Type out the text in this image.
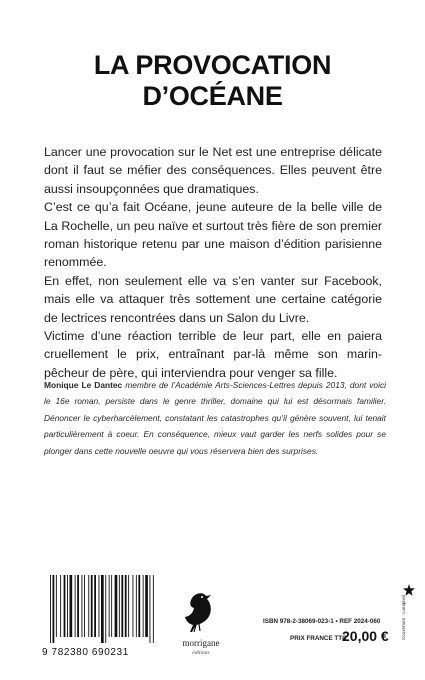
LA PROVOCATION
D’OCÉANE

Lancer une provocation sur le Net est une entreprise délicate dont il faut se méfier des conséquences. Elles peuvent être aussi insoupçonnées que dramatiques.

C’est ce qu’a fait Océane, jeune auteure de la belle ville de La Rochelle, un peu naïve et surtout très fière de son premier roman historique retenu par une maison d’édition parisienne renommée.

En effet, non seulement elle va s’en vanter sur Facebook, mais elle va attaquer très sottement une certaine catégorie de lectrices rencontrées dans un Salon du Livre.

Victime d’une réaction terrible de leur part, elle en paiera cruellement le prix, entraînant par-là même son marin-pêcheur de père, qui interviendra pour venger sa fille.

Monique Le Dantec membre de l’Académie Arts-Sciences-Lettres depuis 2013, dont voici le 16e roman, persiste dans le genre thriller, domaine qui lui est désormais familier. Dénoncer le cyberharcèlement, constatant les catastrophes qu’il génère souvent, lui tenait particulièrement à coeur. En conséquence, mieux vaut garder les nerfs solides pour se plonger dans cette nouvelle oeuvre qui vous réservera bien des surprises.
9 782380 690231
morrigane
éditions
ISBN 978-2-38069-023-1 • REF 2024-060
PRIX FRANCE TTC
20,00 €	Couverture : Lumipixel
